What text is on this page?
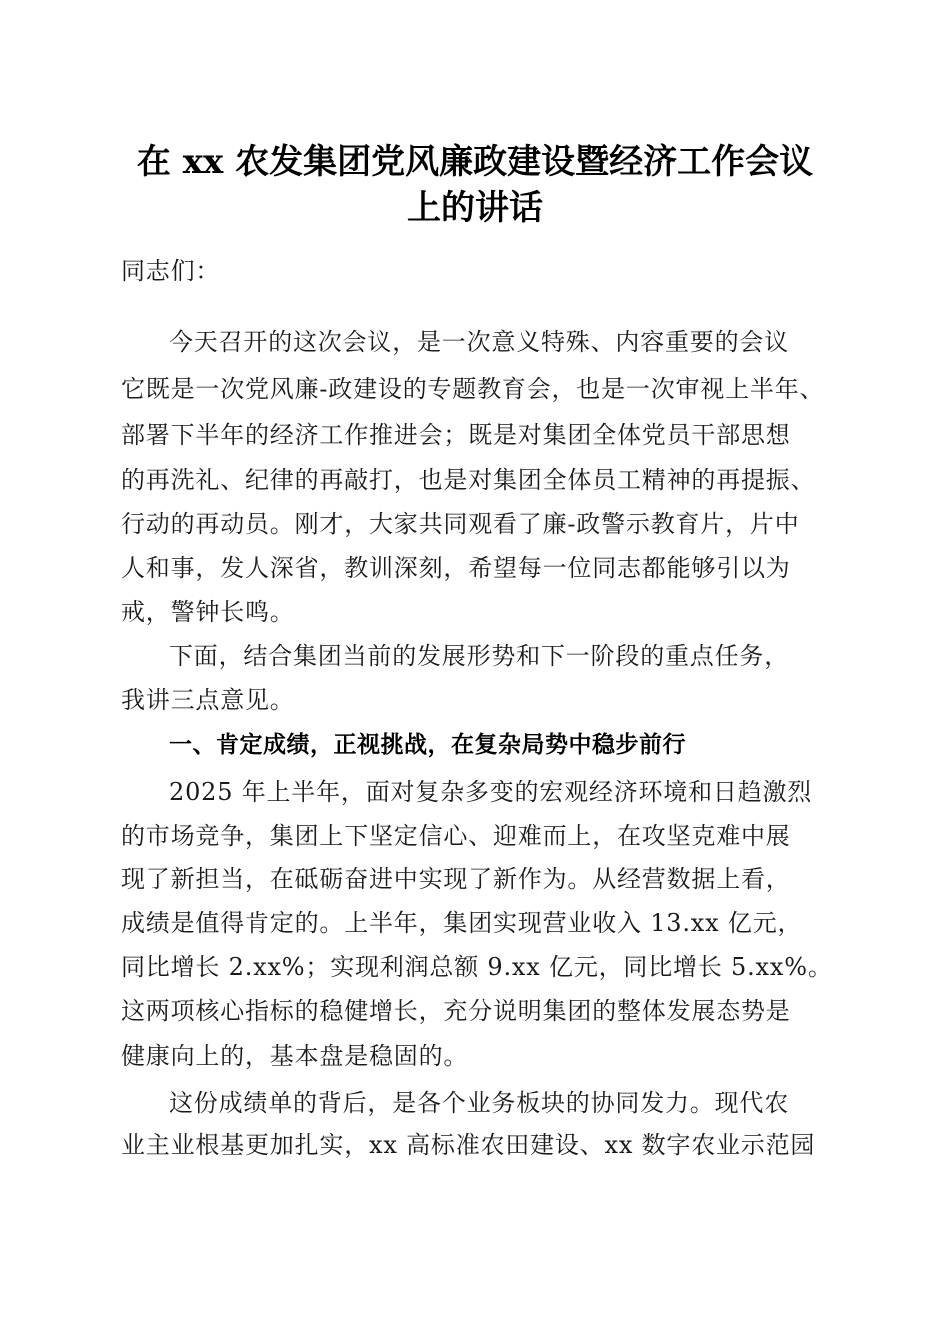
在 xx 农发集团党风廉政建设暨经济工作会议
上的讲话
同志们：
今天召开的这次会议，是一次意义特殊、内容重要的会议
它既是一次党风廉-政建设的专题教育会，也是一次审视上半年、
部署下半年的经济工作推进会；既是对集团全体党员干部思想
的再洗礼、纪律的再敲打，也是对集团全体员工精神的再提振、
行动的再动员。刚才，大家共同观看了廉-政警示教育片，片中
人和事，发人深省，教训深刻，希望每一位同志都能够引以为
戒，警钟长鸣。
下面，结合集团当前的发展形势和下一阶段的重点任务，
我讲三点意见。
一、肯定成绩，正视挑战，在复杂局势中稳步前行
2025 年上半年，面对复杂多变的宏观经济环境和日趋激烈
的市场竞争，集团上下坚定信心、迎难而上，在攻坚克难中展
现了新担当，在砥砺奋进中实现了新作为。从经营数据上看，
成绩是值得肯定的。上半年，集团实现营业收入 13.xx 亿元，
同比增长 2.xx%；实现利润总额 9.xx 亿元，同比增长 5.xx%。
这两项核心指标的稳健增长，充分说明集团的整体发展态势是
健康向上的，基本盘是稳固的。
这份成绩单的背后，是各个业务板块的协同发力。现代农
业主业根基更加扎实，xx 高标准农田建设、xx 数字农业示范园
